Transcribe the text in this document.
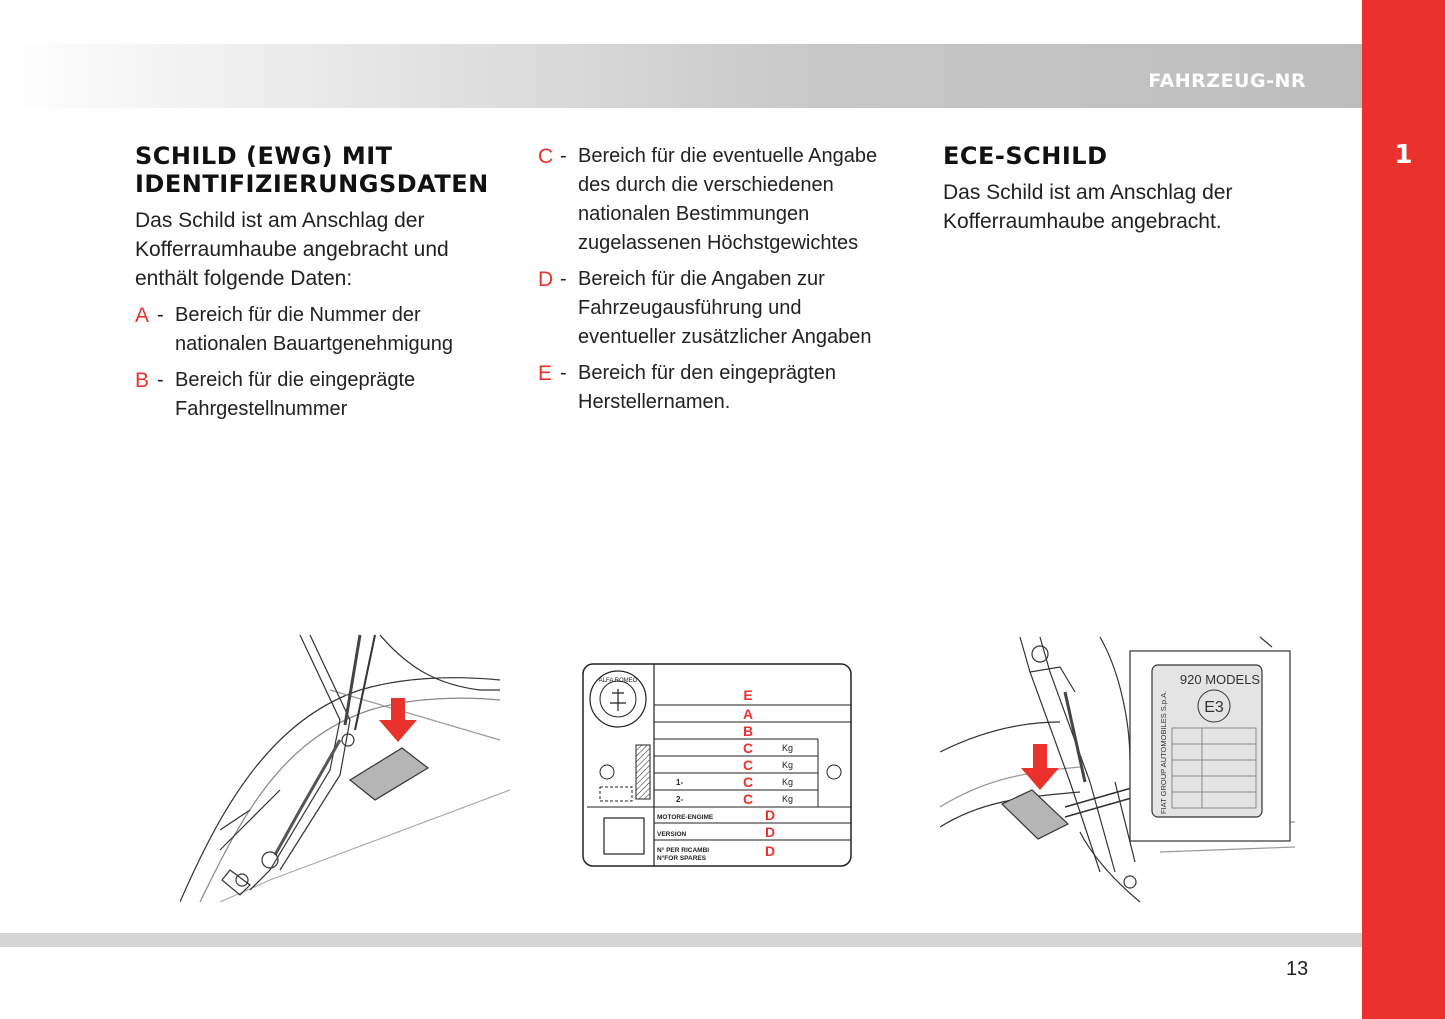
FAHRZEUG-NR
1
SCHILD (EWG) MIT IDENTIFIZIERUNGSDATEN

Das Schild ist am Anschlag der Kofferraumhaube angebracht und enthält folgende Daten:

A - Bereich für die Nummer der nationalen Bauartgenehmigung
B - Bereich für die eingeprägte Fahrgestellnummer
C - Bereich für die eventuelle Angabe des durch die verschiedenen nationalen Bestimmungen zugelassenen Höchstgewichtes
D - Bereich für die Angaben zur Fahrzeugausführung und eventueller zusätzlicher Angaben
E - Bereich für den eingeprägten Herstellernamen.
ECE-SCHILD

Das Schild ist am Anschlag der Kofferraumhaube angebracht.

ALFA ROMEO
E
A
B
C
C
C
C
Kg
Kg
Kg
Kg
1-
2-
MOTORE-ENGIME
VERSION
N° PER RICAMBI
N°FOR SPARES
D
D
D
920 MODELS
E3
FIAT GROUP AUTOMOBILES S.p.A.
13
